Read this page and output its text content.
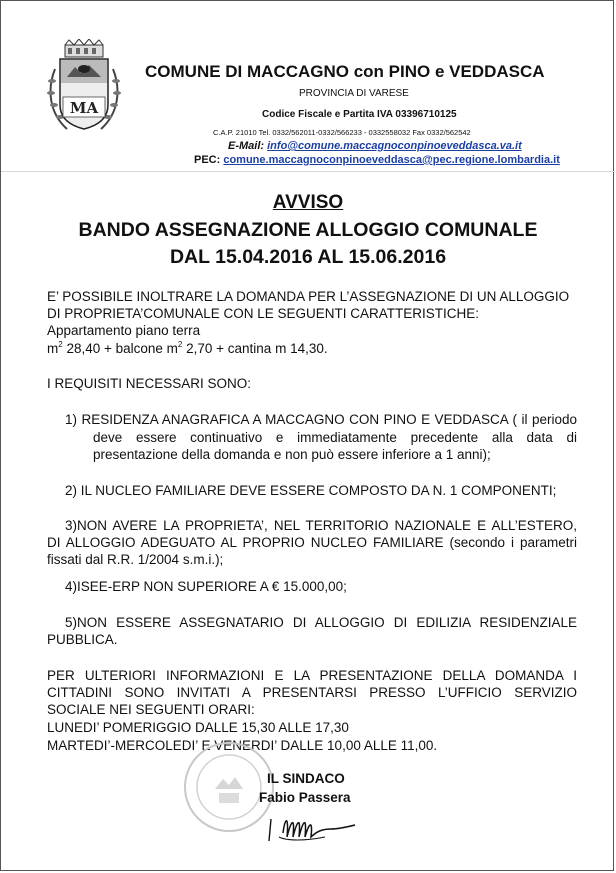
MA
COMUNE DI MACCAGNO con PINO e VEDDASCA
PROVINCIA DI VARESE
Codice Fiscale e Partita IVA 03396710125
C.A.P. 21010 Tel. 0332/562011-0332/566233 - 0332558032 Fax 0332/562542
E-Mail: info@comune.maccagnoconpinoeveddasca.va.it
PEC: comune.maccagnoconpinoeveddasca@pec.regione.lombardia.it
AVVISO
BANDO ASSEGNAZIONE ALLOGGIO COMUNALE
DAL 15.04.2016 AL 15.06.2016
E’ POSSIBILE INOLTRARE LA DOMANDA PER L’ASSEGNAZIONE DI UN ALLOGGIO
DI PROPRIETA’COMUNALE CON LE SEGUENTI CARATTERISTICHE:
Appartamento piano terra
$m^2$ 28,40 + balcone $m^2$ 2,70 + cantina m 14,30.
I REQUISITI NECESSARI SONO:
1) RESIDENZA ANAGRAFICA A MACCAGNO CON PINO E VEDDASCA ( il periodo
deve essere continuativo e immediatamente precedente alla data di
presentazione della domanda e non può essere inferiore a 1 anni);
2) IL NUCLEO FAMILIARE DEVE ESSERE COMPOSTO DA N. 1 COMPONENTI;
3)NON AVERE LA PROPRIETA’, NEL TERRITORIO NAZIONALE E ALL’ESTERO,
DI ALLOGGIO ADEGUATO AL PROPRIO NUCLEO FAMILIARE (secondo i parametri
fissati dal R.R. 1/2004 s.m.i.);
4)ISEE-ERP NON SUPERIORE A € 15.000,00;
5)NON ESSERE ASSEGNATARIO DI ALLOGGIO DI EDILIZIA RESIDENZIALE
PUBBLICA.
PER ULTERIORI INFORMAZIONI E LA PRESENTAZIONE DELLA DOMANDA I
CITTADINI SONO INVITATI A PRESENTARSI PRESSO L’UFFICIO SERVIZIO
SOCIALE NEI SEGUENTI ORARI:
LUNEDI’ POMERIGGIO DALLE 15,30 ALLE 17,30
MARTEDI’-MERCOLEDI’ E VENERDI’ DALLE 10,00 ALLE 11,00.
IL SINDACO
Fabio Passera
